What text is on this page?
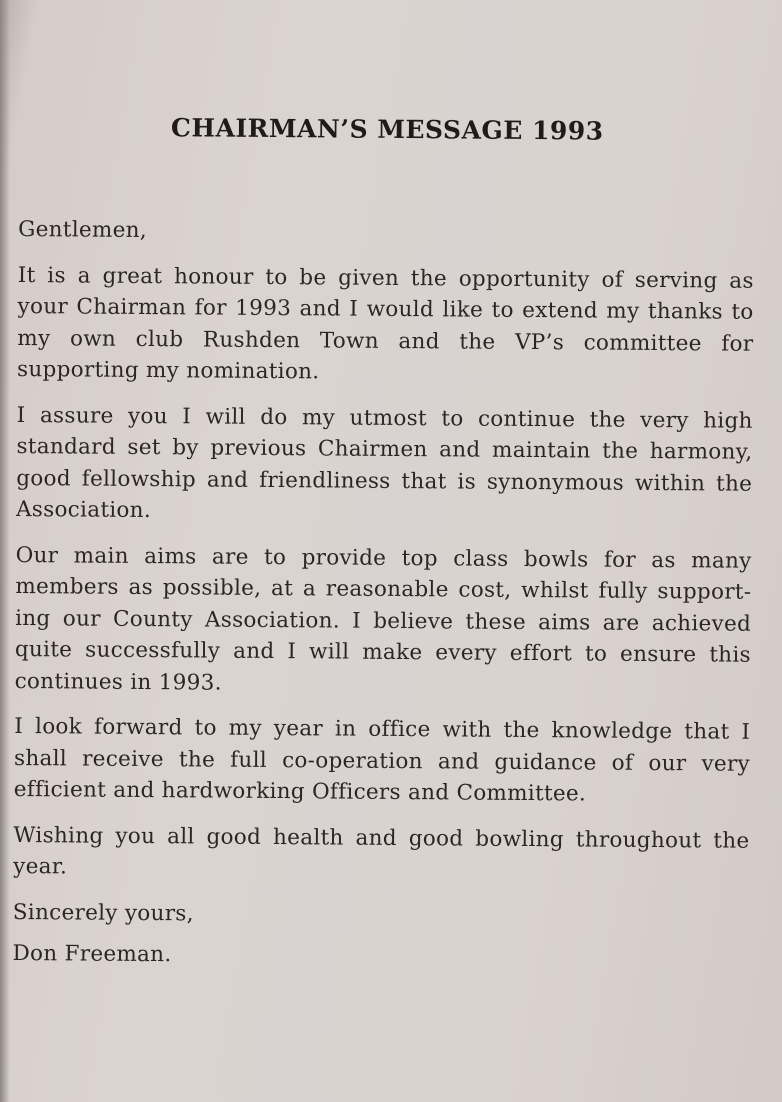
CHAIRMAN’S MESSAGE 1993

Gentlemen,

It is a great honour to be given the opportunity of serving as your Chairman for 1993 and I would like to extend my thanks to my own club Rushden Town and the VP’s committee for supporting my nomination.

I assure you I will do my utmost to continue the very high standard set by previous Chairmen and maintain the harmony, good fellowship and friendliness that is synonymous within the Association.

Our main aims are to provide top class bowls for as many members as possible, at a reasonable cost, whilst fully support-ing our County Association. I believe these aims are achieved quite successfully and I will make every effort to ensure this continues in 1993.

I look forward to my year in office with the knowledge that I shall receive the full co-operation and guidance of our very efficient and hardworking Officers and Committee.

Wishing you all good health and good bowling throughout the year.

Sincerely yours,

Don Freeman.
